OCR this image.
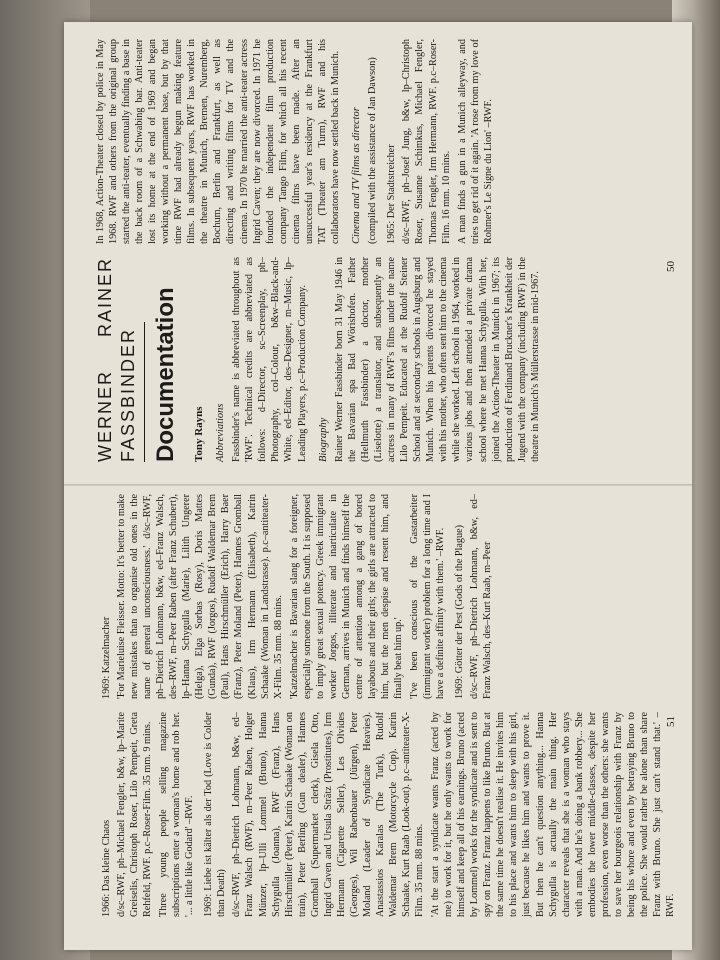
WERNER RAINER FASSBINDER Documentation Tony Rayns Abbreviations Fassbinder's name is abbreviated throughout as 'RWF'. Technical credits are abbreviated as follows: d–Director, sc–Screenplay, ph–Photography, col–Colour, b&w–Black-and-White, ed–Editor, des–Designer, m–Music, lp–Leading Players, p.c–Production Company. Biography Rainer Werner Fassbinder born 31 May 1946 in the Bavarian spa Bad Wörishofen. Father (Hellmuth Fassbinder) a doctor, mother (Liselotte) a translator, and subsequently an actress in many of RWF's films under the name Lilo Pempeit. Educated at the Rudolf Steiner School and at secondary schools in Augsburg and Munich. When his parents divorced he stayed with his mother, who often sent him to the cinema while she worked. Left school in 1964, worked in various jobs and then attended a private drama school where he met Hanna Schygulla. With her, joined the Action-Theater in Munich in 1967; its production of Ferdinand Bruckner's Krankheit der Jugend with the company (including RWF) in the theatre in Munich's Müllerstrasse in mid-1967.

In 1968, Action-Theater closed by police in May 1968. RWF and others from the original group started the anti-teater, eventually finding a base in the back room of a Schwabing bar. Anti-teater lost its home at the end of 1969 and began working without a permanent base, but by that time RWF had already begun making feature films. In subsequent years, RWF has worked in the theatre in Munich, Bremen, Nuremberg, Bochum, Berlin and Frankfurt, as well as directing and writing films for TV and the cinema. In 1970 he married the anti-teater actress Ingrid Caven; they are now divorced. In 1971 he founded the independent film production company Tango Film, for which all his recent cinema films have been made. After an unsuccessful year's residency at the Frankfurt TAT (Theater am Turm), RWF and his collaborators have now settled back in Munich. Cinema and TV films as director (compiled with the assistance of Jan Dawson) 1965: Der Stadtstreicher d/sc–RWF, ph–Josef Jung, b&w, lp–Christoph Roser, Susanne Schimkus, Michael Fengler, Thomas Fengler, Irm Hermann, RWF. p.c–Roser-Film. 16 mm. 10 mins. A man finds a gun in a Munich alleyway, and tries to get rid of it again. 'A rose from my love of Rohmer's Le Signe du Lion' –RWF.

50
1966: Das kleine Chaos d/sc–RWF, ph–Michael Fengler, b&w, lp–Marite Greiselis, Christoph Roser, Lilo Pempeit, Greta Rehfeld, RWF. p.c–Roser-Film. 35 mm. 9 mins. Three young people selling magazine subscriptions enter a woman's home and rob her. '... a little like Godard' –RWF. 1969: Liebe ist kälter als der Tod (Love is Colder than Death) d/sc–RWF, ph–Dietrich Lohmann, b&w, ed–Franz Walsch (RWF), m–Peer Raben, Holger Münzer, lp–Ulli Lommel (Bruno), Hanna Schygulla (Joanna), RWF (Franz), Hans Hirschmüller (Peter), Katrin Schaake (Woman on train), Peter Berling (Gun dealer), Hannes Gromball (Supermarket clerk), Gisela Otto, Ingrid Caven and Ursula Strätz (Prostitutes), Irm Hermann (Cigarette Seller), Les Olvides (Georges), Wil Rabenbauer (Jürgen), Peter Moland (Leader of Syndicate Heavies). Anastassios Karalas (The Turk), Rudolf Waldemar Brem (Motorcycle Cop). Katrin Schaake, Kurt Raab (Look-out). p.c–antiteater-X-Film. 35 mm. 88 mins. 'At the start a syndicate wants Franz (acted by me) to work for it, but he only wants to work for himself and keep all of his earnings. Bruno (acted by Lommel) works for the syndicate and is sent to spy on Franz. Franz happens to like Bruno. But at the same time he doesn't realise it. He invites him to his place and wants him to sleep with his girl, just because he likes him and wants to prove it. But then he can't question anything... Hanna Schygulla is actually the main thing. Her character reveals that she is a woman who stays with a man. And he's doing a bank robbery... She embodies the lower middle-classes, despite her profession, even worse than the others: she wants to save her bourgeois relationship with Franz by being his whore and even by betraying Bruno to the police. She would rather be alone than share Franz with Bruno. She just can't stand that.' –RWF.

1969: Katzelmacher 'For Marieluise Fleisser. Motto: It's better to make new mistakes than to organise old ones in the name of general unconsciousness.' d/sc–RWF, ph–Dietrich Lohmann, b&w, ed–Franz Walsch, des–RWF, m–Peer Raben (after Franz Schubert), lp–Hanna Schygulla (Marie), Lilith Ungerer (Helga), Elga Sorbas (Rosy), Doris Mattes (Gunda), RWF (Jorgos), Rudolf Waldemar Brem (Paul), Hans Hirschmüller (Erich), Harry Baer (Franz), Peter Moland (Peter), Hannes Gromball (Klaus), Irm Hermann (Elisabeth), Katrin Schaake (Woman in Landstrasse). p.c–antiteater-X-Film. 35 mm. 88 mins. 'Katzelmacher is Bavarian slang for a foreigner, especially someone from the South. It is supposed to imply great sexual potency. Greek immigrant worker Jorgos, illiterate and inarticulate in German, arrives in Munich and finds himself the centre of attention among a gang of bored layabouts and their girls; the girls are attracted to him, but the men despise and resent him, and finally beat him up.' 'I've been conscious of the Gastarbeiter (immigrant worker) problem for a long time and I have a definite affinity with them.' –RWF. 1969: Götter der Pest (Gods of the Plague) d/sc–RWF, ph–Dietrich Lohmann, b&w, ed–Franz Walsch, des–Kurt Raab, m–Peer

51
